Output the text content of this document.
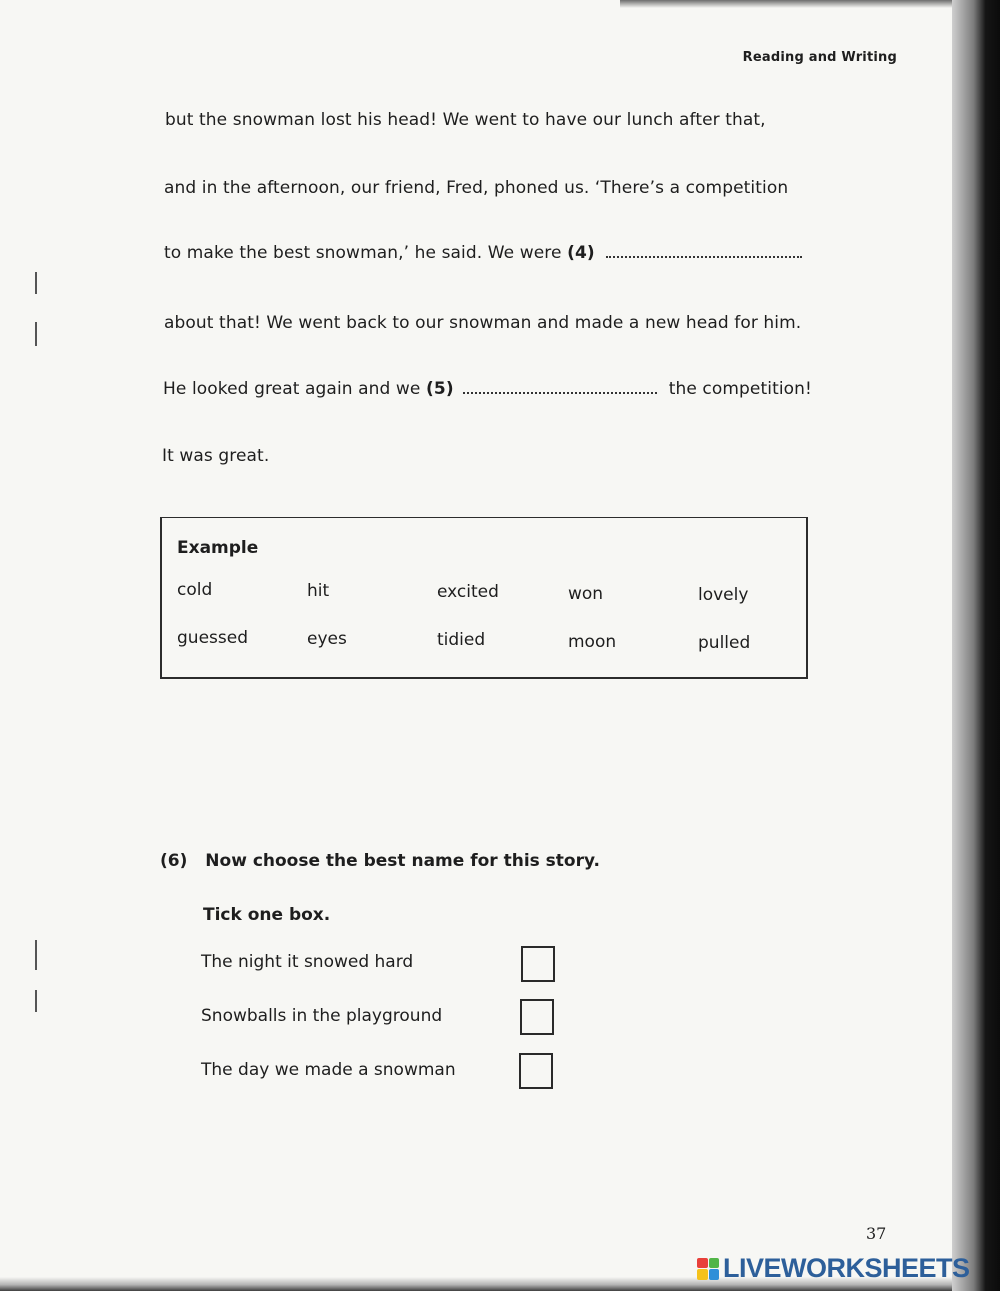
Reading and Writing
but the snowman lost his head! We went to have our lunch after that,
and in the afternoon, our friend, Fred, phoned us. ‘There’s a competition
to make the best snowman,’ he said. We were (4)
about that! We went back to our snowman and made a new head for him.
He looked great again and we (5)	the competition!
It was great.
Example
cold	hit	excited	won	lovely
guessed	eyes	tidied	moon	pulled
(6) Now choose the best name for this story.
Tick one box.
The night it snowed hard
Snowballs in the playground
The day we made a snowman
37
LIVEWORKSHEETS
